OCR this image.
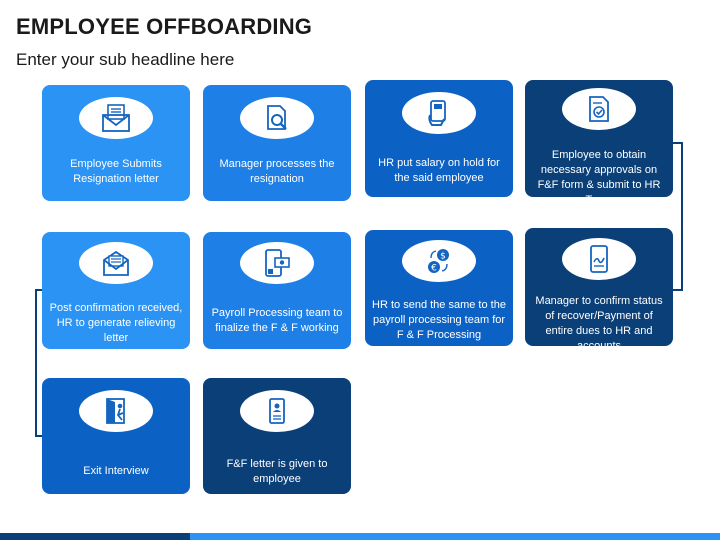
EMPLOYEE OFFBOARDING
Enter your sub headline here
Employee Submits Resignation letter
Manager processes the resignation
HR put salary on hold for the said employee
Employee to obtain necessary approvals on F&F form & submit to HR Team
Manager to confirm status of recover/Payment of entire dues to HR and accounts
$
€
HR to send the same to the payroll processing team for F & F Processing
Payroll Processing team to finalize the F & F working
Post confirmation received, HR to generate relieving letter
Exit Interview
F&F letter is given to employee
